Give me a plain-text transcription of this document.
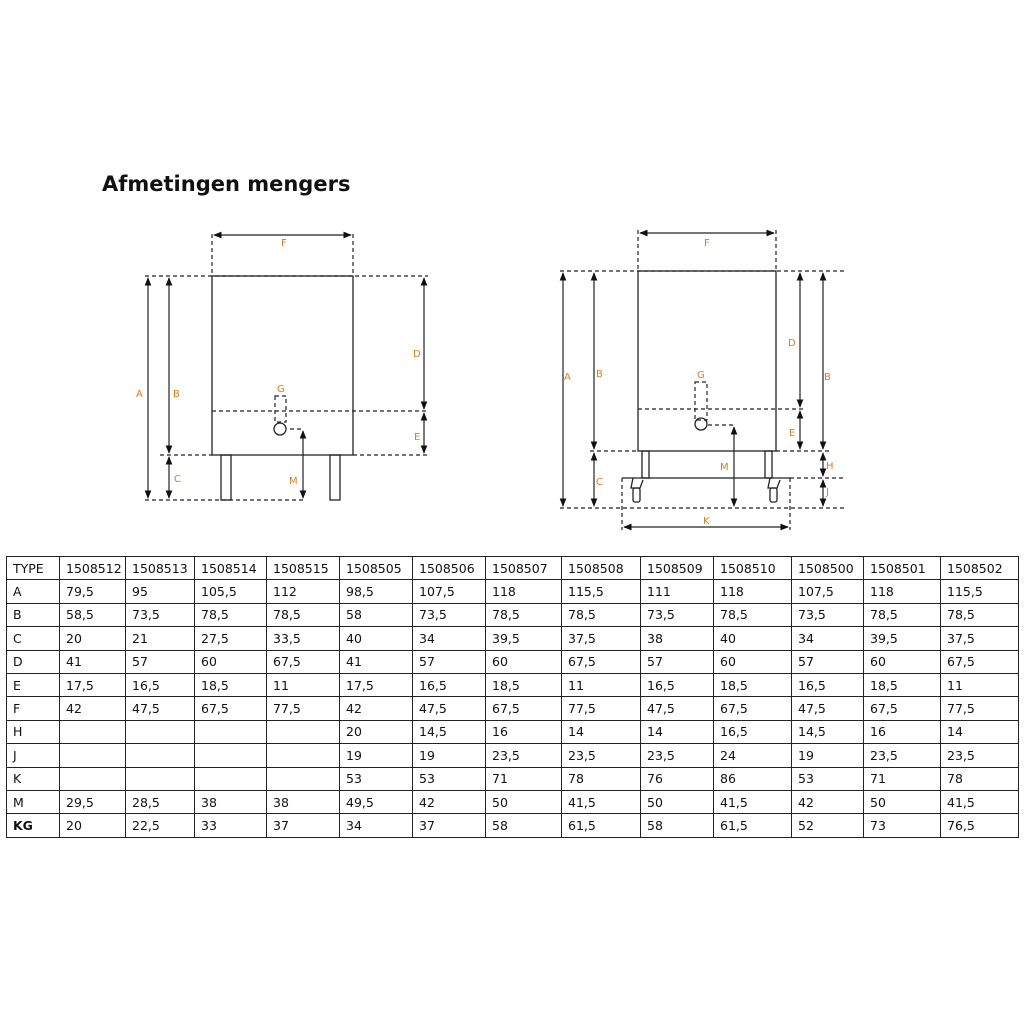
Afmetingen mengers
F
A	B
C
D
E
G
M
F
A	B	B
C
D
E
G
M	H
J
K
TYPE	1508512	1508513	1508514	1508515	1508505	1508506	1508507	1508508	1508509	1508510	1508500	1508501	1508502
A	79,5	95	105,5	112	98,5	107,5	118	115,5	111	118	107,5	118	115,5
B	58,5	73,5	78,5	78,5	58	73,5	78,5	78,5	73,5	78,5	73,5	78,5	78,5
C	20	21	27,5	33,5	40	34	39,5	37,5	38	40	34	39,5	37,5
D	41	57	60	67,5	41	57	60	67,5	57	60	57	60	67,5
E	17,5	16,5	18,5	11	17,5	16,5	18,5	11	16,5	18,5	16,5	18,5	11
F	42	47,5	67,5	77,5	42	47,5	67,5	77,5	47,5	67,5	47,5	67,5	77,5
H					20	14,5	16	14	14	16,5	14,5	16	14
J					19	19	23,5	23,5	23,5	24	19	23,5	23,5
K					53	53	71	78	76	86	53	71	78
M	29,5	28,5	38	38	49,5	42	50	41,5	50	41,5	42	50	41,5
KG	20	22,5	33	37	34	37	58	61,5	58	61,5	52	73	76,5
